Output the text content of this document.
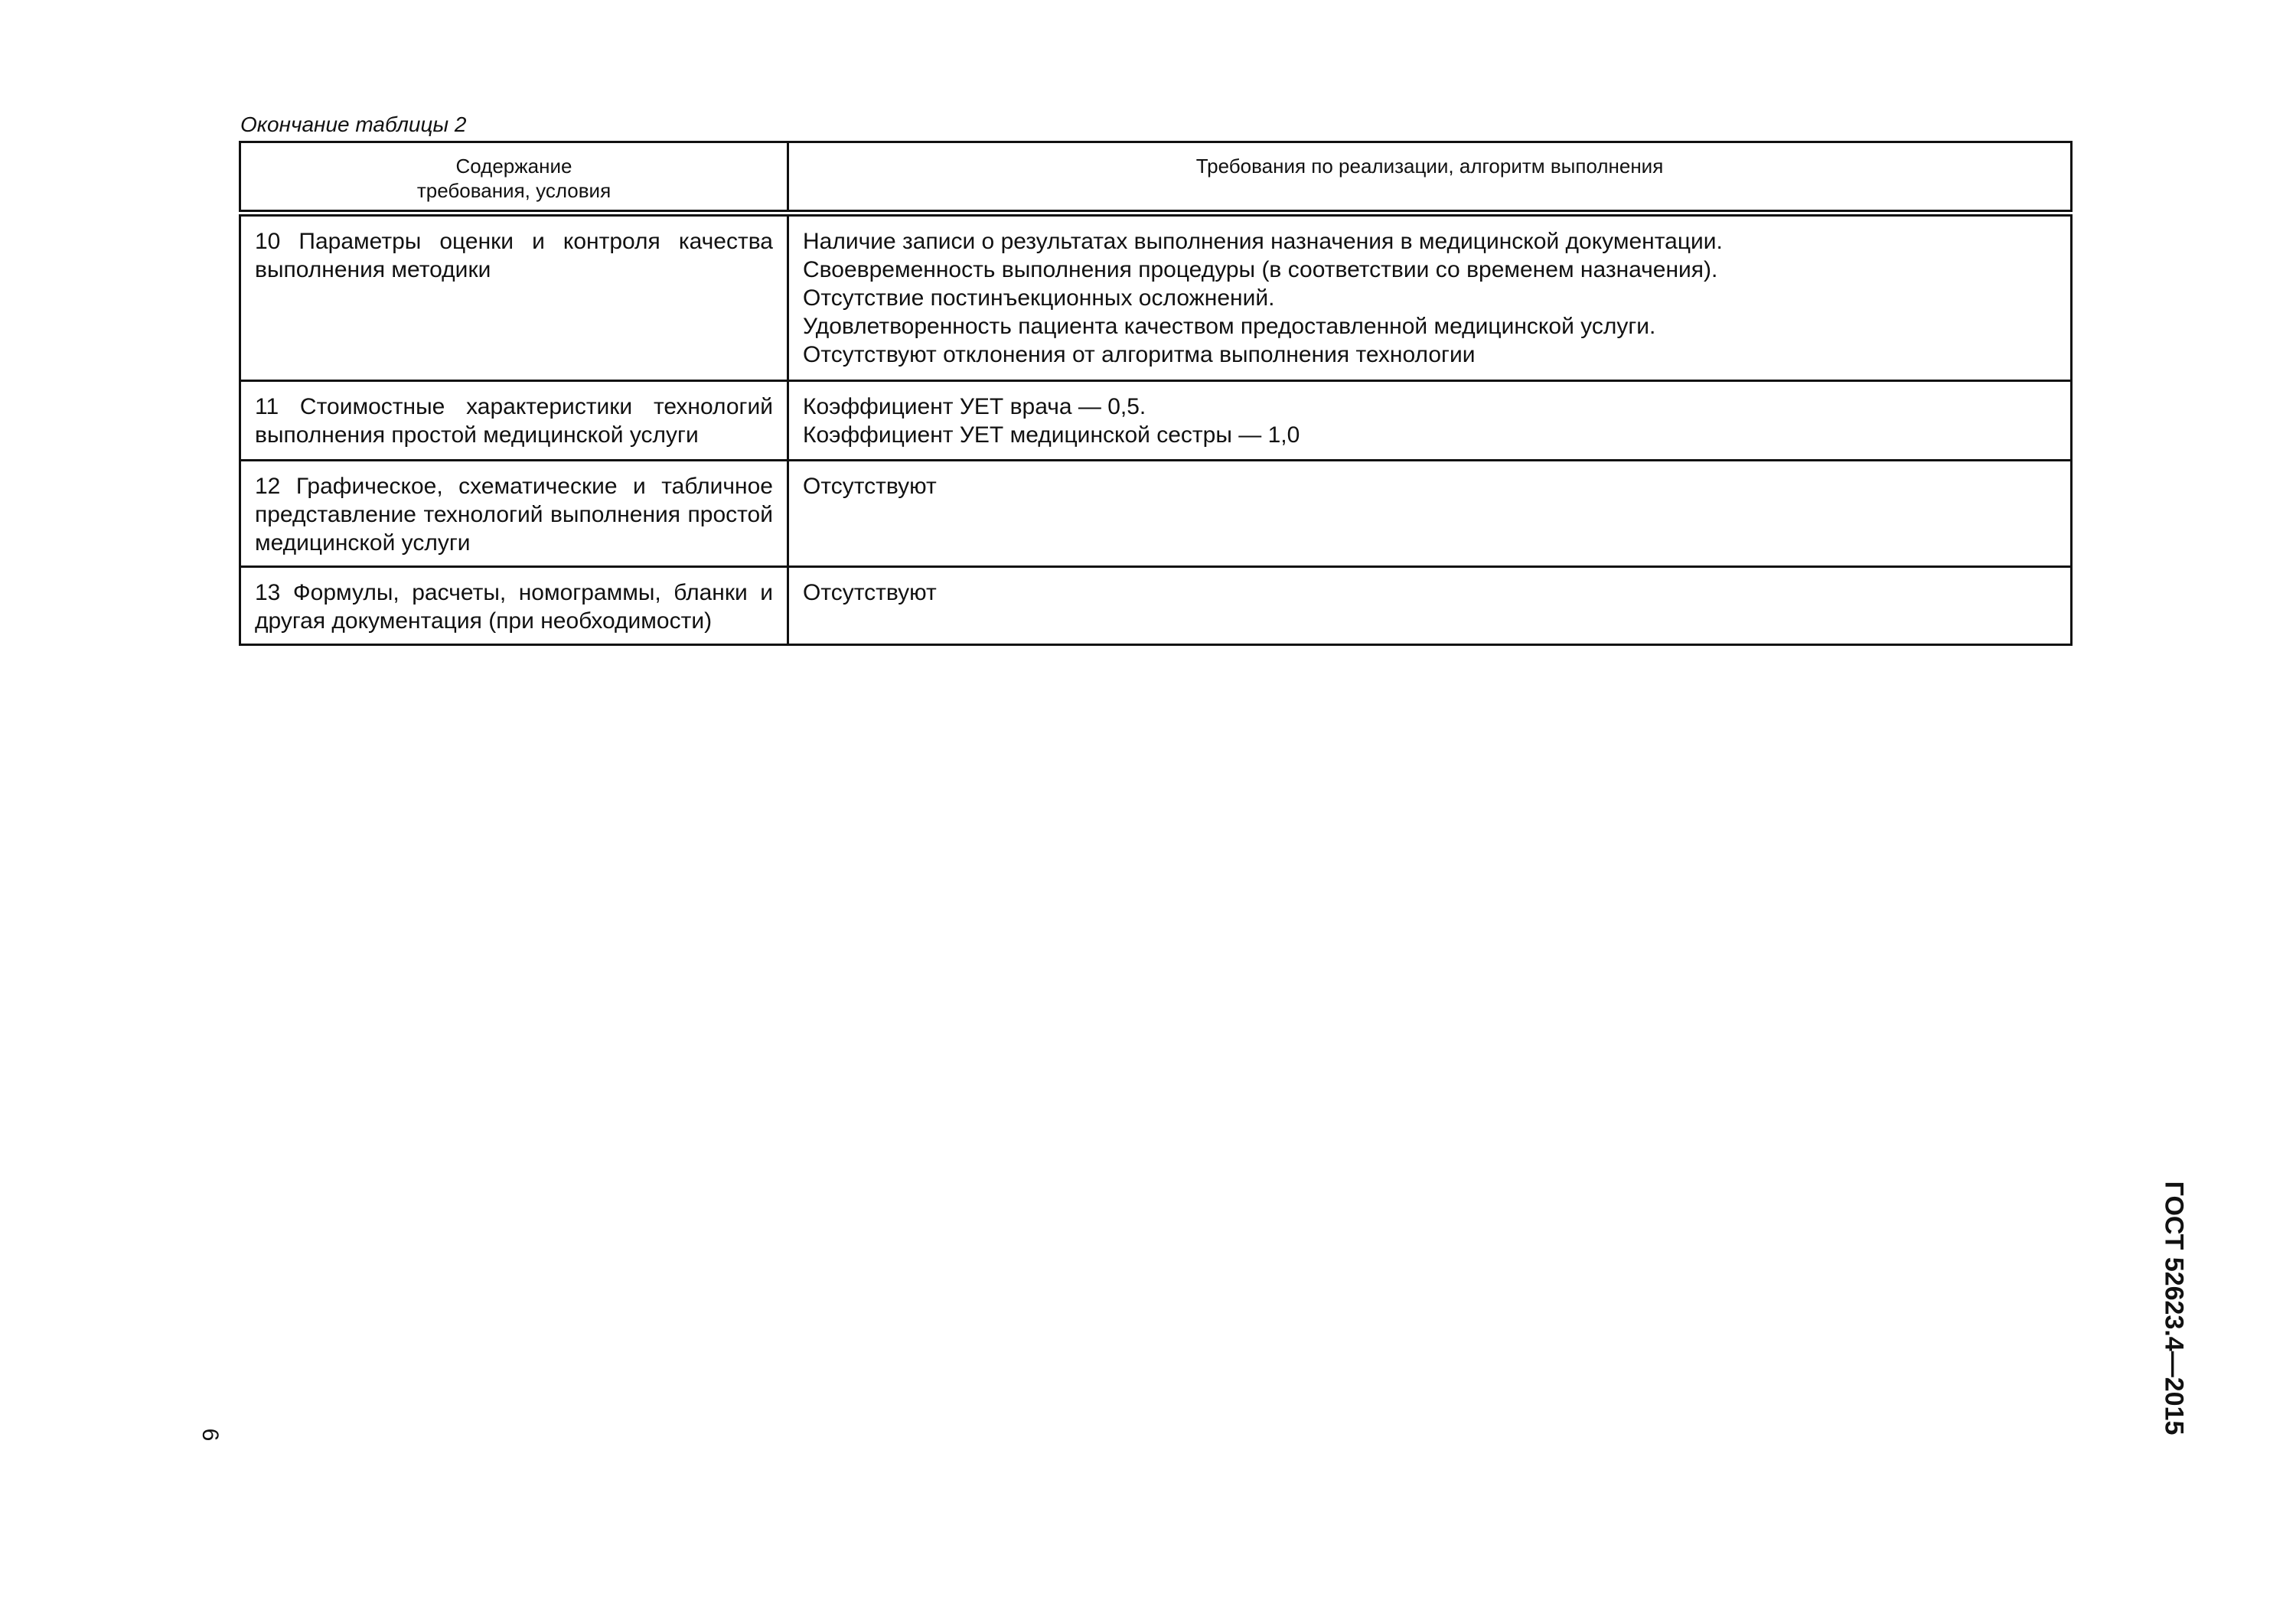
Окончание таблицы 2

Содержание
требования, условия	Требования по реализации, алгоритм выполнения

10 Параметры оценки и контроля качества выполнения методики	Наличие записи о результатах выполнения назначения в медицинской документации.
Своевременность выполнения процедуры (в соответствии со временем назначения).
Отсутствие постинъекционных осложнений.
Удовлетворенность пациента качеством предоставленной медицинской услуги.
Отсутствуют отклонения от алгоритма выполнения технологии

11 Стоимостные характеристики технологий выполнения простой медицинской услуги	Коэффициент УЕТ врача — 0,5.
Коэффициент УЕТ медицинской сестры — 1,0

12 Графическое, схематические и табличное представление технологий выполнения простой медицинской услуги	Отсутствуют

13 Формулы, расчеты, номограммы, бланки и другая документация (при необходимости)	Отсутствуют
6	ГОСТ 52623.4—2015
